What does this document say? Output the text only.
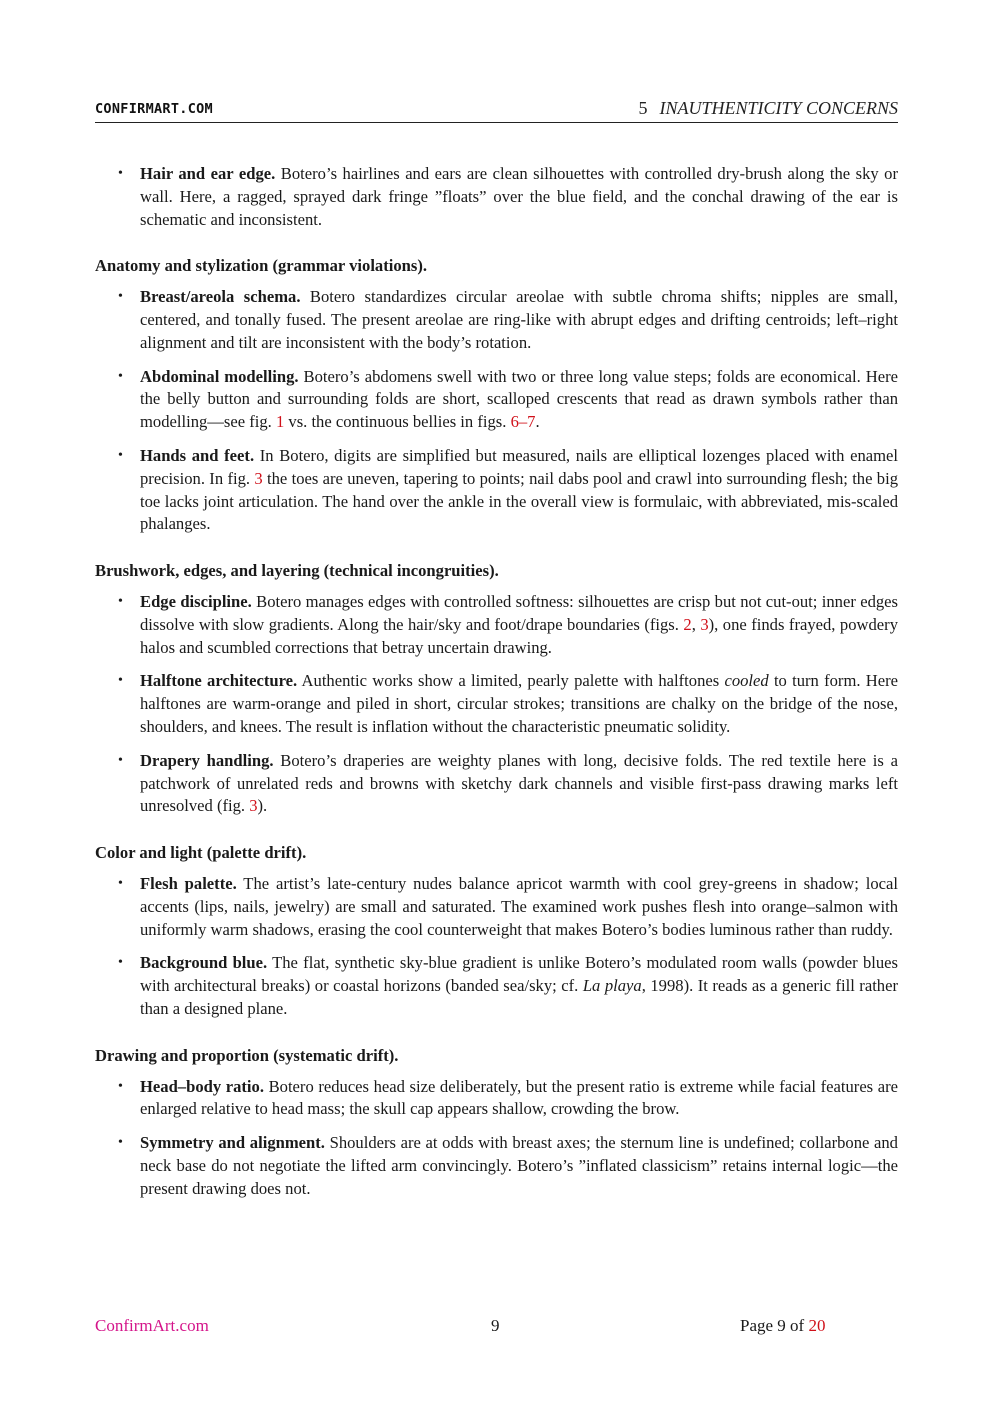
CONFIRMART.COM	5 INAUTHENTICITY CONCERNS
• Hair and ear edge. Botero’s hairlines and ears are clean silhouettes with controlled dry-brush along the sky or wall. Here, a ragged, sprayed dark fringe ”floats” over the blue field, and the conchal drawing of the ear is schematic and inconsistent.

Anatomy and stylization (grammar violations).

• Breast/areola schema. Botero standardizes circular areolae with subtle chroma shifts; nipples are small, centered, and tonally fused. The present areolae are ring-like with abrupt edges and drifting centroids; left–right alignment and tilt are inconsistent with the body’s rotation.
• Abdominal modelling. Botero’s abdomens swell with two or three long value steps; folds are economical. Here the belly button and surrounding folds are short, scalloped crescents that read as drawn symbols rather than modelling—see fig. 1 vs. the continuous bellies in figs. 6–7.
• Hands and feet. In Botero, digits are simplified but measured, nails are elliptical lozenges placed with enamel precision. In fig. 3 the toes are uneven, tapering to points; nail dabs pool and crawl into surrounding flesh; the big toe lacks joint articulation. The hand over the ankle in the overall view is formulaic, with abbreviated, mis-scaled phalanges.

Brushwork, edges, and layering (technical incongruities).

• Edge discipline. Botero manages edges with controlled softness: silhouettes are crisp but not cut-out; inner edges dissolve with slow gradients. Along the hair/sky and foot/drape boundaries (figs. 2, 3), one finds frayed, powdery halos and scumbled corrections that betray uncertain drawing.
• Halftone architecture. Authentic works show a limited, pearly palette with halftones cooled to turn form. Here halftones are warm-orange and piled in short, circular strokes; transitions are chalky on the bridge of the nose, shoulders, and knees. The result is inflation without the characteristic pneumatic solidity.
• Drapery handling. Botero’s draperies are weighty planes with long, decisive folds. The red textile here is a patchwork of unrelated reds and browns with sketchy dark channels and visible first-pass drawing marks left unresolved (fig. 3).

Color and light (palette drift).

• Flesh palette. The artist’s late-century nudes balance apricot warmth with cool grey-greens in shadow; local accents (lips, nails, jewelry) are small and saturated. The examined work pushes flesh into orange–salmon with uniformly warm shadows, erasing the cool counterweight that makes Botero’s bodies luminous rather than ruddy.
• Background blue. The flat, synthetic sky-blue gradient is unlike Botero’s modulated room walls (powder blues with architectural breaks) or coastal horizons (banded sea/sky; cf. La playa, 1998). It reads as a generic fill rather than a designed plane.

Drawing and proportion (systematic drift).

• Head–body ratio. Botero reduces head size deliberately, but the present ratio is extreme while facial features are enlarged relative to head mass; the skull cap appears shallow, crowding the brow.
• Symmetry and alignment. Shoulders are at odds with breast axes; the sternum line is undefined; collarbone and neck base do not negotiate the lifted arm convincingly. Botero’s ”inflated classicism” retains internal logic—the present drawing does not.
ConfirmArt.com	9	Page 9 of 20
